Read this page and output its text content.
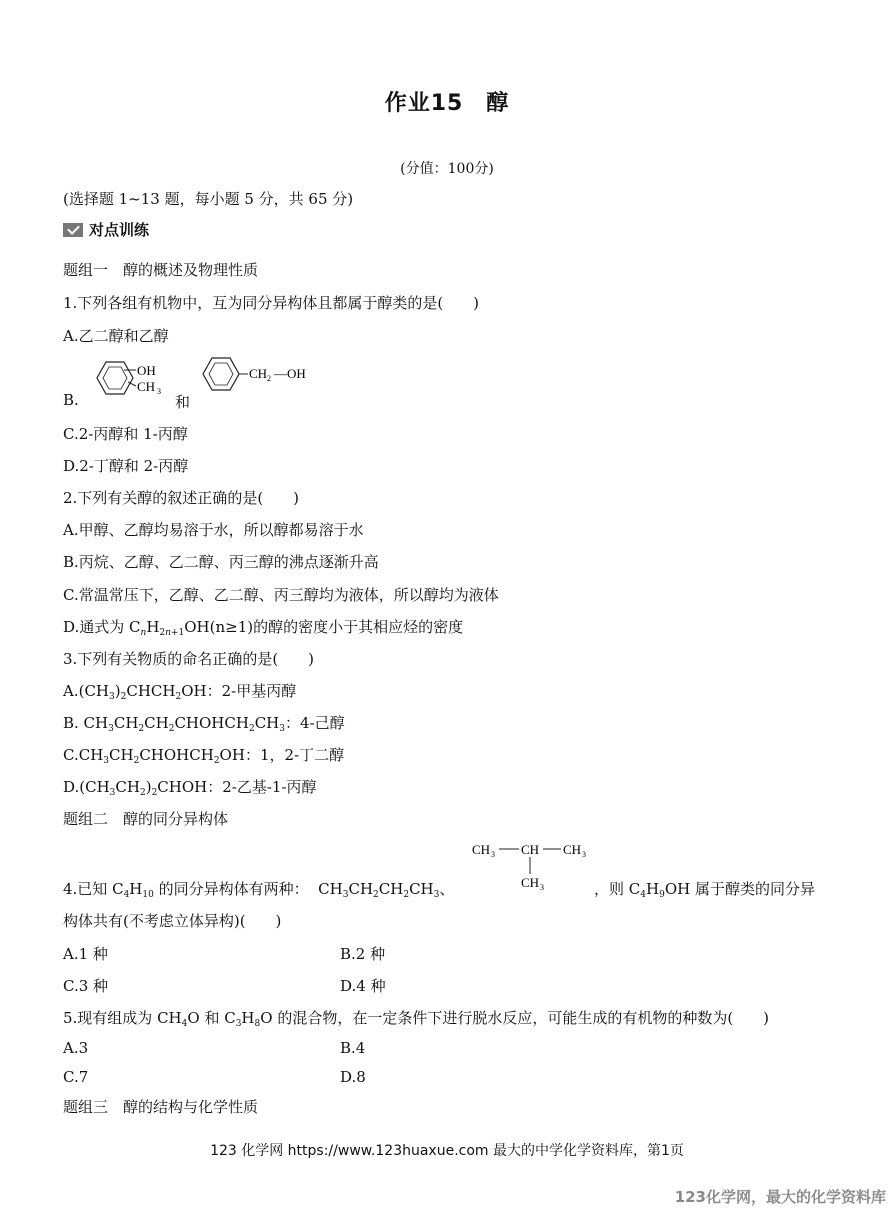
作业15　醇
(分值：100分)
(选择题 1~13 题，每小题 5 分，共 65 分)
对点训练
题组一　醇的概述及物理性质
1.下列各组有机物中，互为同分异构体且都属于醇类的是(　　)
A.乙二醇和乙醇
B.
OH
CH 3
和
CH 2 —OH
C.2-丙醇和 1-丙醇
D.2-丁醇和 2-丙醇
2.下列有关醇的叙述正确的是(　　)
A.甲醇、乙醇均易溶于水，所以醇都易溶于水
B.丙烷、乙醇、乙二醇、丙三醇的沸点逐渐升高
C.常温常压下，乙醇、乙二醇、丙三醇均为液体，所以醇均为液体
D.通式为 $C_nH_{2n+1}OH(n\ge 1)$的醇的密度小于其相应烃的密度
3.下列有关物质的命名正确的是(　　)
$A.(CH_3)_2CHCH_2OH$：2-甲基丙醇
B. $CH_3CH_2CH_2CHOHCH_2CH_3$：4-己醇
$C.CH_3CH_2CHOHCH_2OH$：1，2-丁二醇
$D.(CH_3CH_2)_2CHOH$：2-乙基-1-丙醇
题组二　醇的同分异构体
CH 3 CH CH 3
CH 3
4.已知 $C_4H_{10}$ 的同分异构体有两种：  $CH_3CH_2CH_2CH_3$、	，则 $C_4H_9OH$ 属于醇类的同分异
构体共有(不考虑立体异构)(　　)
A.1 种	B.2 种
C.3 种	D.4 种
5.现有组成为 $CH_4O$ 和 $C_3H_8O$ 的混合物，在一定条件下进行脱水反应，可能生成的有机物的种数为(　　)
A.3	B.4
C.7	D.8
题组三　醇的结构与化学性质
123 化学网 https://www.123huaxue.com 最大的中学化学资料库，第1页
123化学网，最大的化学资料库
